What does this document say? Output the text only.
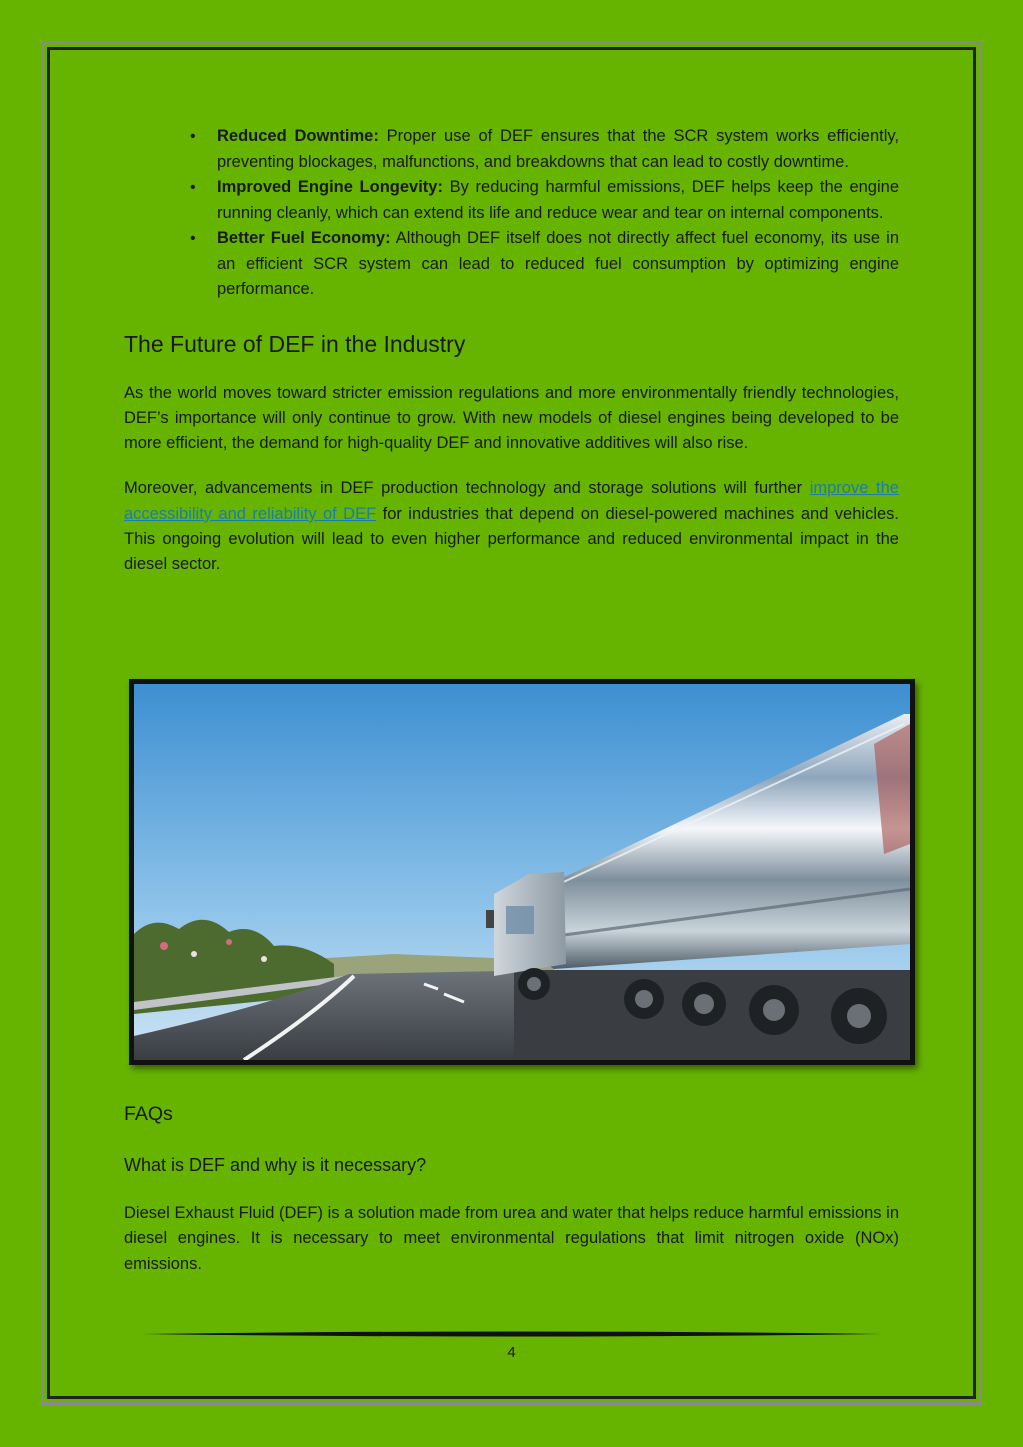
• Reduced Downtime: Proper use of DEF ensures that the SCR system works efficiently, preventing blockages, malfunctions, and breakdowns that can lead to costly downtime.
• Improved Engine Longevity: By reducing harmful emissions, DEF helps keep the engine running cleanly, which can extend its life and reduce wear and tear on internal components.
• Better Fuel Economy: Although DEF itself does not directly affect fuel economy, its use in an efficient SCR system can lead to reduced fuel consumption by optimizing engine performance.
The Future of DEF in the Industry

As the world moves toward stricter emission regulations and more environmentally friendly technologies, DEF’s importance will only continue to grow. With new models of diesel engines being developed to be more efficient, the demand for high-quality DEF and innovative additives will also rise.

Moreover, advancements in DEF production technology and storage solutions will further improve the accessibility and reliability of DEF for industries that depend on diesel-powered machines and vehicles. This ongoing evolution will lead to even higher performance and reduced environmental impact in the diesel sector.

FAQs
What is DEF and why is it necessary?

Diesel Exhaust Fluid (DEF) is a solution made from urea and water that helps reduce harmful emissions in diesel engines. It is necessary to meet environmental regulations that limit nitrogen oxide (NOx) emissions.

4
